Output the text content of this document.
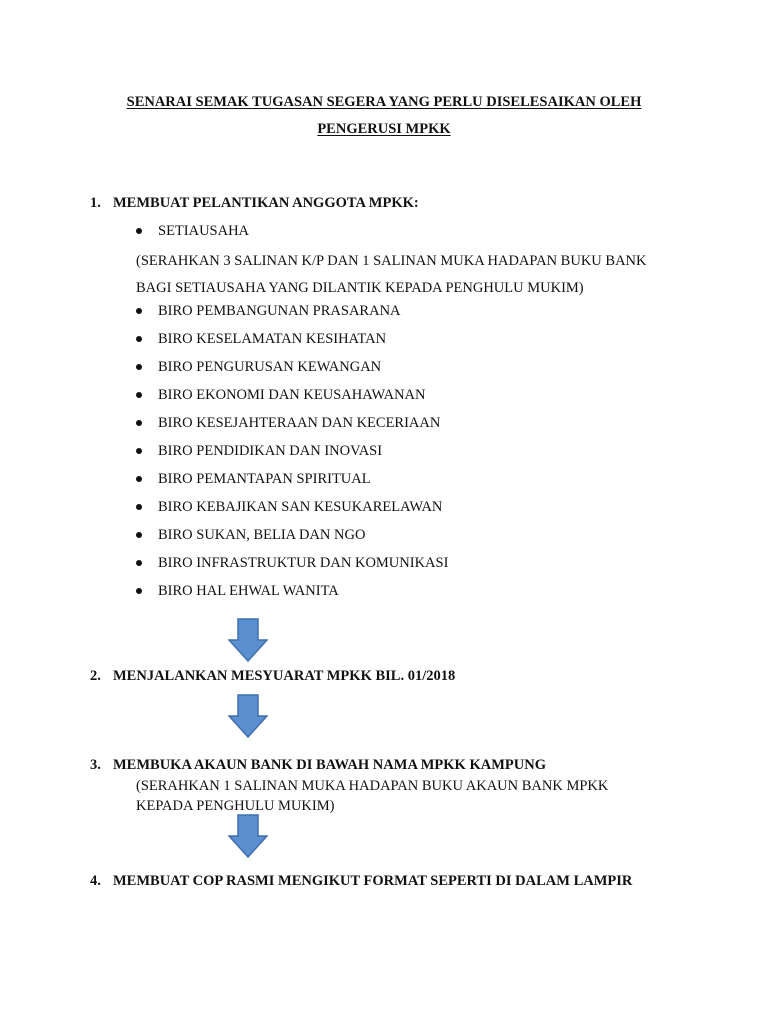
SENARAI SEMAK TUGASAN SEGERA YANG PERLU DISELESAIKAN OLEH
PENGERUSI MPKK
1. MEMBUAT PELANTIKAN ANGGOTA MPKK:
SETIAUSAHA
(SERAHKAN 3 SALINAN K/P DAN 1 SALINAN MUKA HADAPAN BUKU BANK
BAGI SETIAUSAHA YANG DILANTIK KEPADA PENGHULU MUKIM)
BIRO PEMBANGUNAN PRASARANA
BIRO KESELAMATAN KESIHATAN
BIRO PENGURUSAN KEWANGAN
BIRO EKONOMI DAN KEUSAHAWANAN
BIRO KESEJAHTERAAN DAN KECERIAAN
BIRO PENDIDIKAN DAN INOVASI
BIRO PEMANTAPAN SPIRITUAL
BIRO KEBAJIKAN SAN KESUKARELAWAN
BIRO SUKAN, BELIA DAN NGO
BIRO INFRASTRUKTUR DAN KOMUNIKASI
BIRO HAL EHWAL WANITA
2. MENJALANKAN MESYUARAT MPKK BIL. 01/2018
3. MEMBUKA AKAUN BANK DI BAWAH NAMA MPKK KAMPUNG
(SERAHKAN 1 SALINAN MUKA HADAPAN BUKU AKAUN BANK MPKK
KEPADA PENGHULU MUKIM)
4. MEMBUAT COP RASMI MENGIKUT FORMAT SEPERTI DI DALAM LAMPIR
